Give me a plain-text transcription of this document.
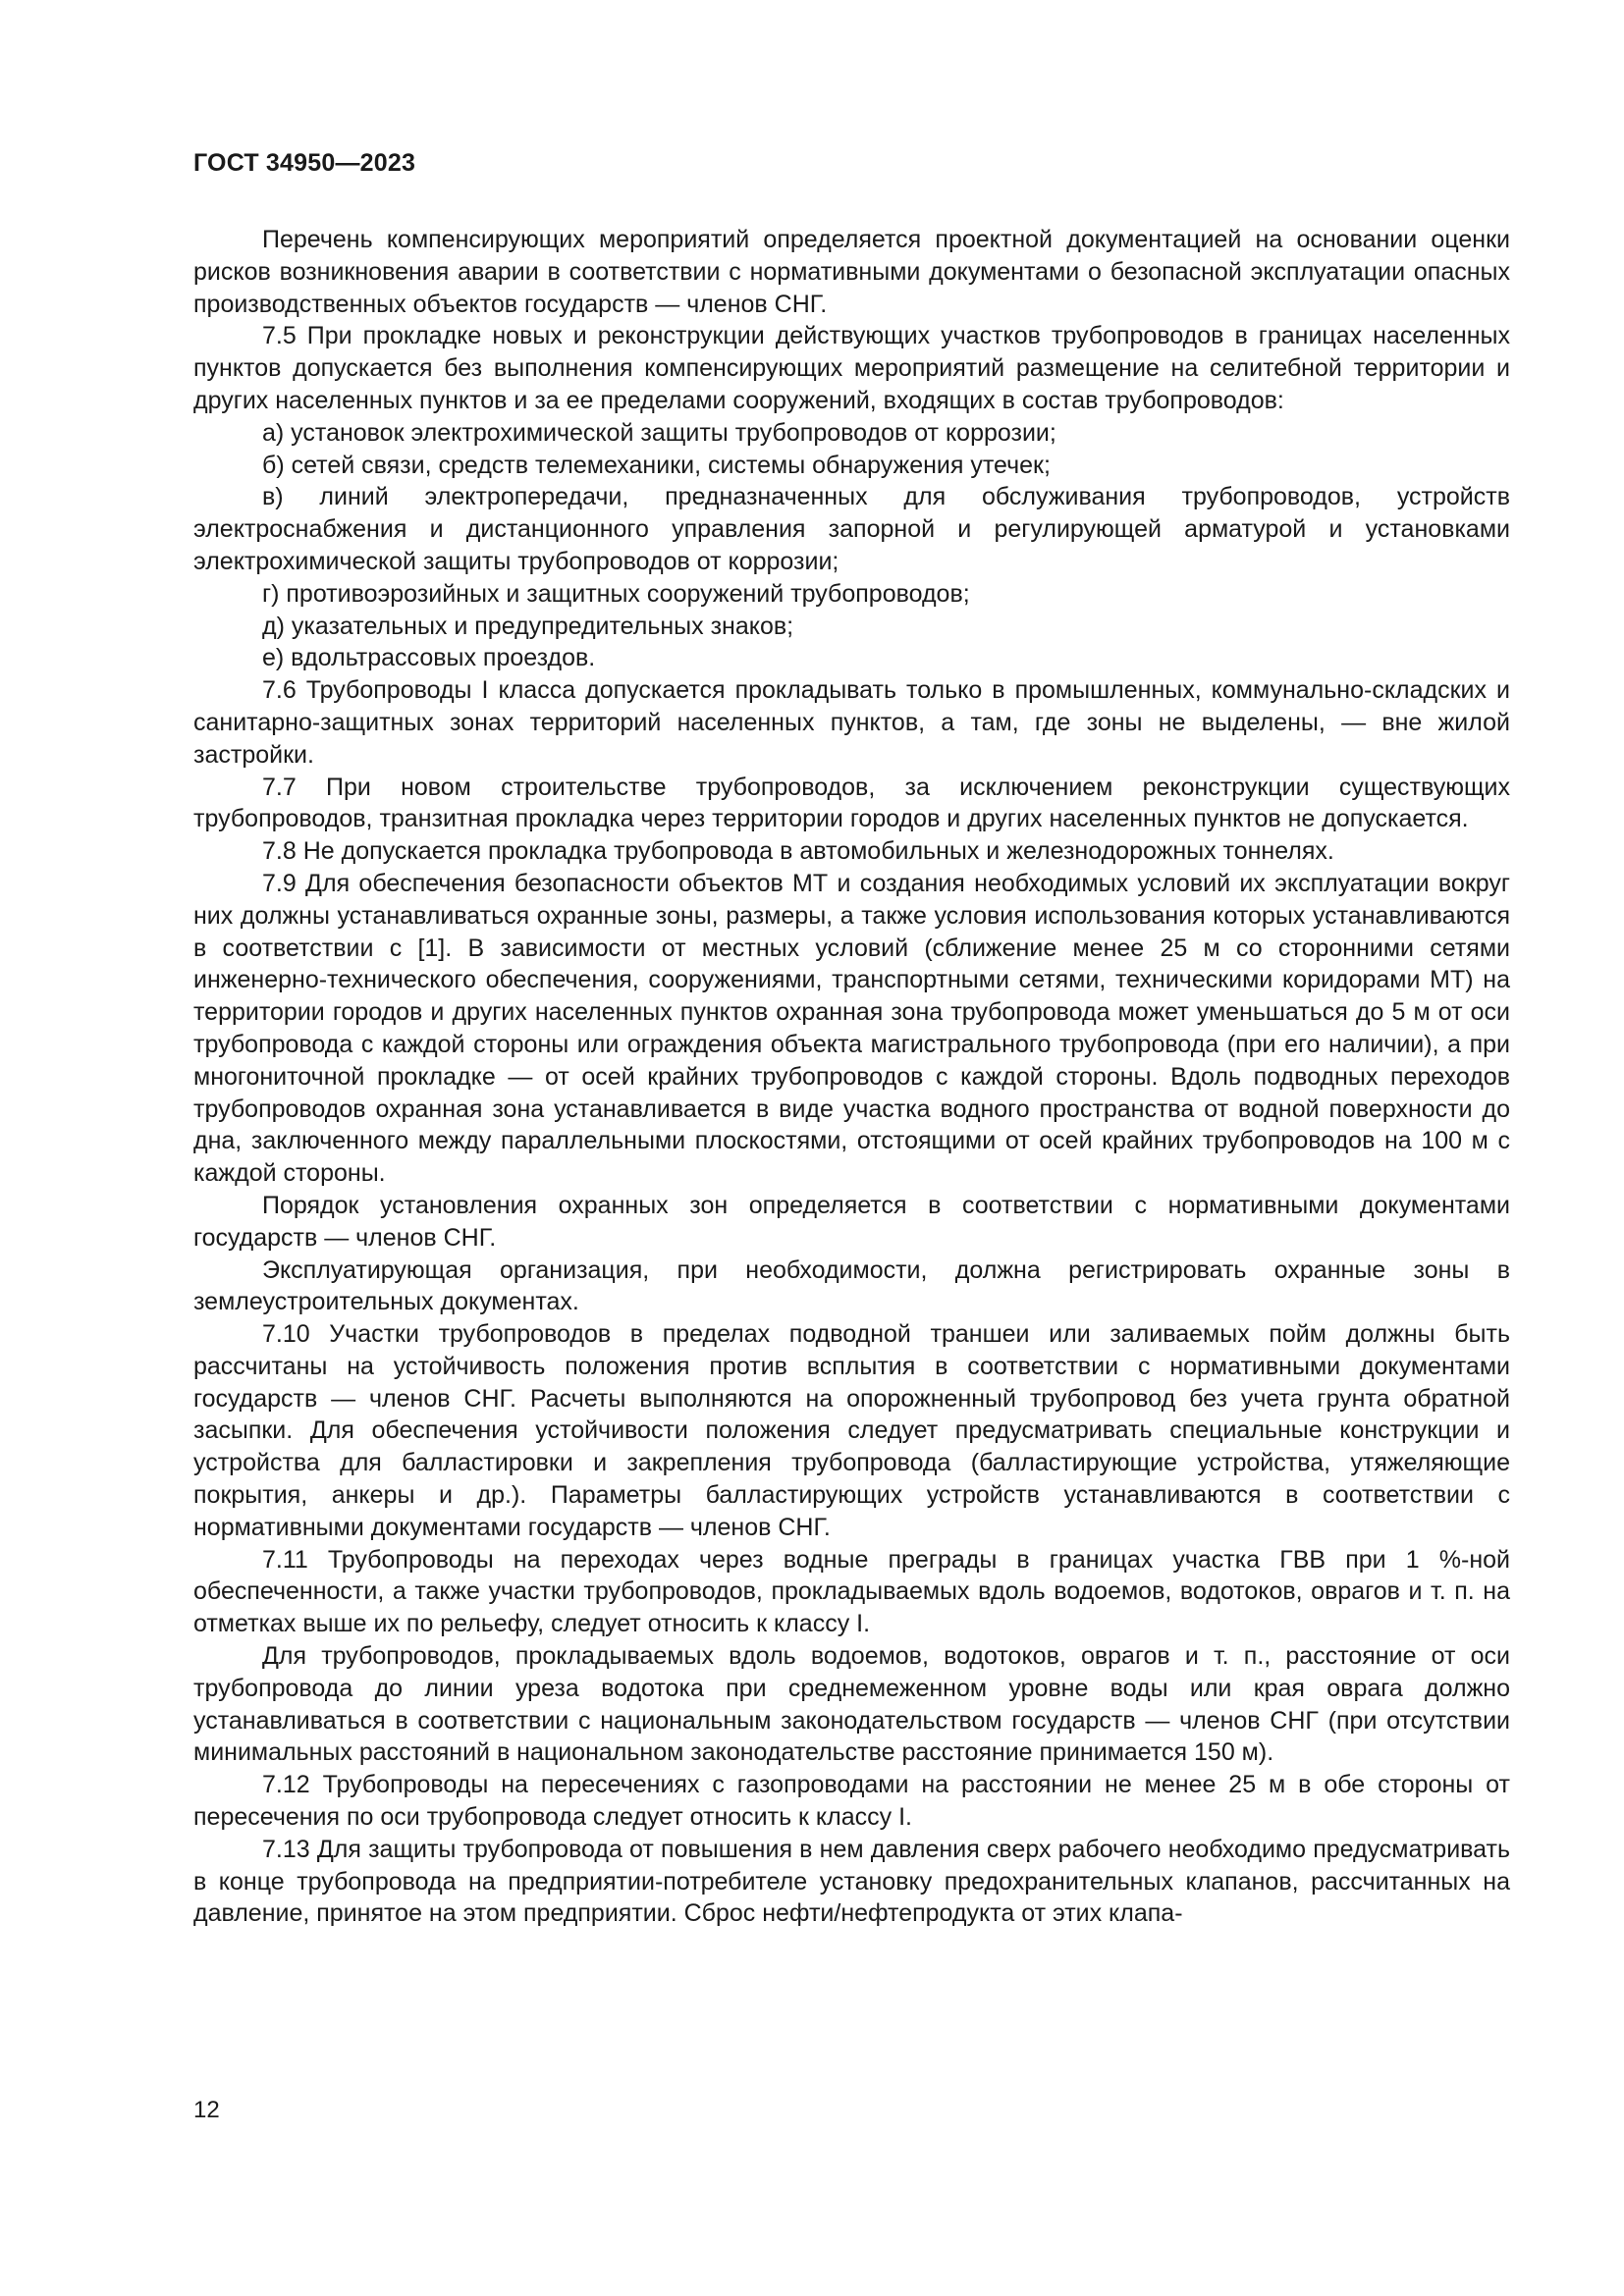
ГОСТ 34950—2023

Перечень компенсирующих мероприятий определяется проектной документацией на основании оценки рисков возникновения аварии в соответствии с нормативными документами о безопасной эксплуатации опасных производственных объектов государств — членов СНГ.

7.5 При прокладке новых и реконструкции действующих участков трубопроводов в границах населенных пунктов допускается без выполнения компенсирующих мероприятий размещение на селитебной территории и других населенных пунктов и за ее пределами сооружений, входящих в состав трубопроводов:

а) установок электрохимической защиты трубопроводов от коррозии;

б) сетей связи, средств телемеханики, системы обнаружения утечек;

в) линий электропередачи, предназначенных для обслуживания трубопроводов, устройств электроснабжения и дистанционного управления запорной и регулирующей арматурой и установками электрохимической защиты трубопроводов от коррозии;

г) противоэрозийных и защитных сооружений трубопроводов;

д) указательных и предупредительных знаков;

е) вдольтрассовых проездов.

7.6 Трубопроводы I класса допускается прокладывать только в промышленных, коммунально-складских и санитарно-защитных зонах территорий населенных пунктов, а там, где зоны не выделены, — вне жилой застройки.

7.7 При новом строительстве трубопроводов, за исключением реконструкции существующих трубопроводов, транзитная прокладка через территории городов и других населенных пунктов не допускается.

7.8 Не допускается прокладка трубопровода в автомобильных и железнодорожных тоннелях.

7.9 Для обеспечения безопасности объектов МТ и создания необходимых условий их эксплуатации вокруг них должны устанавливаться охранные зоны, размеры, а также условия использования которых устанавливаются в соответствии с [1]. В зависимости от местных условий (сближение менее 25 м со сторонними сетями инженерно-технического обеспечения, сооружениями, транспортными сетями, техническими коридорами МТ) на территории городов и других населенных пунктов охранная зона трубопровода может уменьшаться до 5 м от оси трубопровода с каждой стороны или ограждения объекта магистрального трубопровода (при его наличии), а при многониточной прокладке — от осей крайних трубопроводов с каждой стороны. Вдоль подводных переходов трубопроводов охранная зона устанавливается в виде участка водного пространства от водной поверхности до дна, заключенного между параллельными плоскостями, отстоящими от осей крайних трубопроводов на 100 м с каждой стороны.

Порядок установления охранных зон определяется в соответствии с нормативными документами государств — членов СНГ.

Эксплуатирующая организация, при необходимости, должна регистрировать охранные зоны в землеустроительных документах.

7.10 Участки трубопроводов в пределах подводной траншеи или заливаемых пойм должны быть рассчитаны на устойчивость положения против всплытия в соответствии с нормативными документами государств — членов СНГ. Расчеты выполняются на опорожненный трубопровод без учета грунта обратной засыпки. Для обеспечения устойчивости положения следует предусматривать специальные конструкции и устройства для балластировки и закрепления трубопровода (балластирующие устройства, утяжеляющие покрытия, анкеры и др.). Параметры балластирующих устройств устанавливаются в соответствии с нормативными документами государств — членов СНГ.

7.11 Трубопроводы на переходах через водные преграды в границах участка ГВВ при 1 %-ной обеспеченности, а также участки трубопроводов, прокладываемых вдоль водоемов, водотоков, оврагов и т. п. на отметках выше их по рельефу, следует относить к классу I.

Для трубопроводов, прокладываемых вдоль водоемов, водотоков, оврагов и т. п., расстояние от оси трубопровода до линии уреза водотока при среднемеженном уровне воды или края оврага должно устанавливаться в соответствии с национальным законодательством государств — членов СНГ (при отсутствии минимальных расстояний в национальном законодательстве расстояние принимается 150 м).

7.12 Трубопроводы на пересечениях с газопроводами на расстоянии не менее 25 м в обе стороны от пересечения по оси трубопровода следует относить к классу I.

7.13 Для защиты трубопровода от повышения в нем давления сверх рабочего необходимо предусматривать в конце трубопровода на предприятии-потребителе установку предохранительных клапанов, рассчитанных на давление, принятое на этом предприятии. Сброс нефти/нефтепродукта от этих клапа-

12
